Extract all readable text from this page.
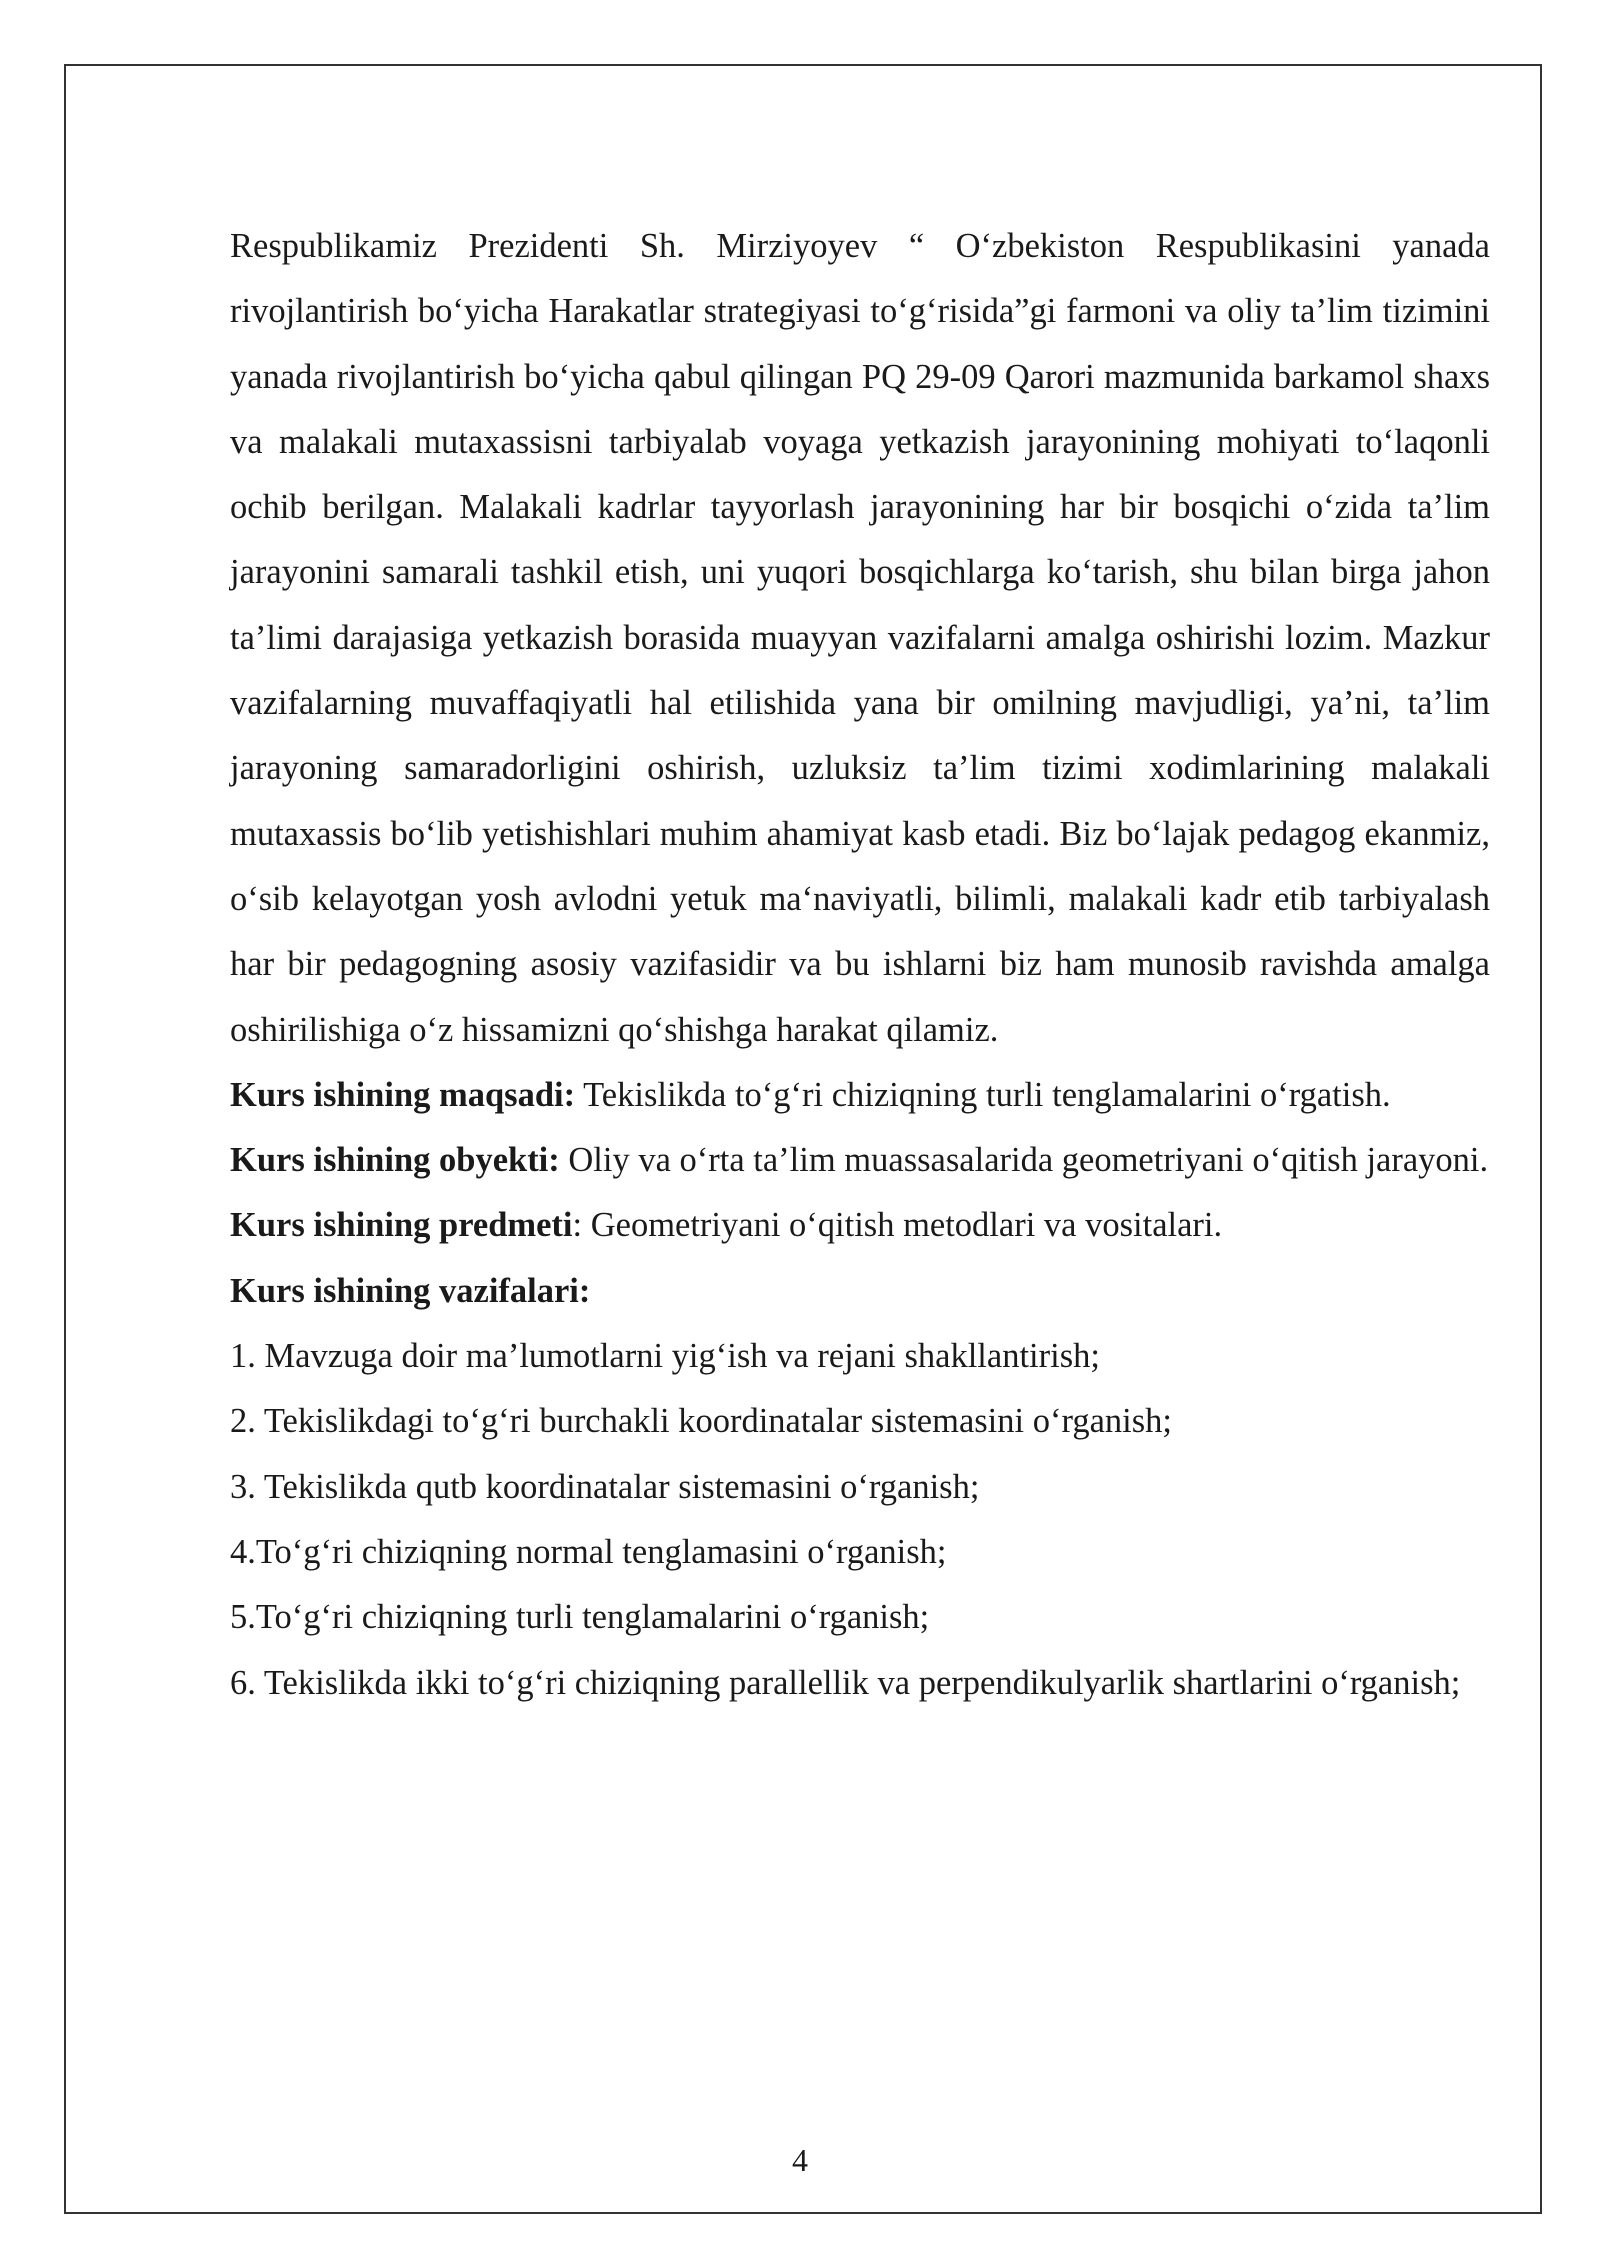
Respublikamiz Prezidenti Sh. Mirziyoyev “ O‘zbekiston Respublikasini yanada rivojlantirish bo‘yicha Harakatlar strategiyasi to‘g‘risida”gi farmoni va oliy ta’lim tizimini yanada rivojlantirish bo‘yicha qabul qilingan PQ 29-09 Qarori mazmunida barkamol shaxs va malakali mutaxassisni tarbiyalab voyaga yetkazish jarayonining mohiyati to‘laqonli ochib berilgan. Malakali kadrlar tayyorlash jarayonining har bir bosqichi o‘zida ta’lim jarayonini samarali tashkil etish, uni yuqori bosqichlarga ko‘tarish, shu bilan birga jahon ta’limi darajasiga yetkazish borasida muayyan vazifalarni amalga oshirishi lozim. Mazkur vazifalarning muvaffaqiyatli hal etilishida yana bir omilning mavjudligi, ya’ni, ta’lim jarayoning samaradorligini oshirish, uzluksiz ta’lim tizimi xodimlarining malakali mutaxassis bo‘lib yetishishlari muhim ahamiyat kasb etadi. Biz bo‘lajak pedagog ekanmiz, o‘sib kelayotgan yosh avlodni yetuk ma‘naviyatli, bilimli, malakali kadr etib tarbiyalash har bir pedagogning asosiy vazifasidir va bu ishlarni biz ham munosib ravishda amalga oshirilishiga o‘z hissamizni qo‘shishga harakat qilamiz.

Kurs ishining maqsadi: Tekislikda to‘g‘ri chiziqning turli tenglamalarini o‘rgatish.

Kurs ishining obyekti: Oliy va o‘rta ta’lim muassasalarida geometriyani o‘qitish jarayoni.

Kurs ishining predmeti: Geometriyani o‘qitish metodlari va vositalari.

Kurs ishining vazifalari:

1. Mavzuga doir ma’lumotlarni yig‘ish va rejani shakllantirish;

2. Tekislikdagi to‘g‘ri burchakli koordinatalar sistemasini o‘rganish;

3. Tekislikda qutb koordinatalar sistemasini o‘rganish;

4.To‘g‘ri chiziqning normal tenglamasini o‘rganish;

5.To‘g‘ri chiziqning turli tenglamalarini o‘rganish;

6. Tekislikda ikki to‘g‘ri chiziqning parallellik va perpendikulyarlik shartlarini o‘rganish;

4
